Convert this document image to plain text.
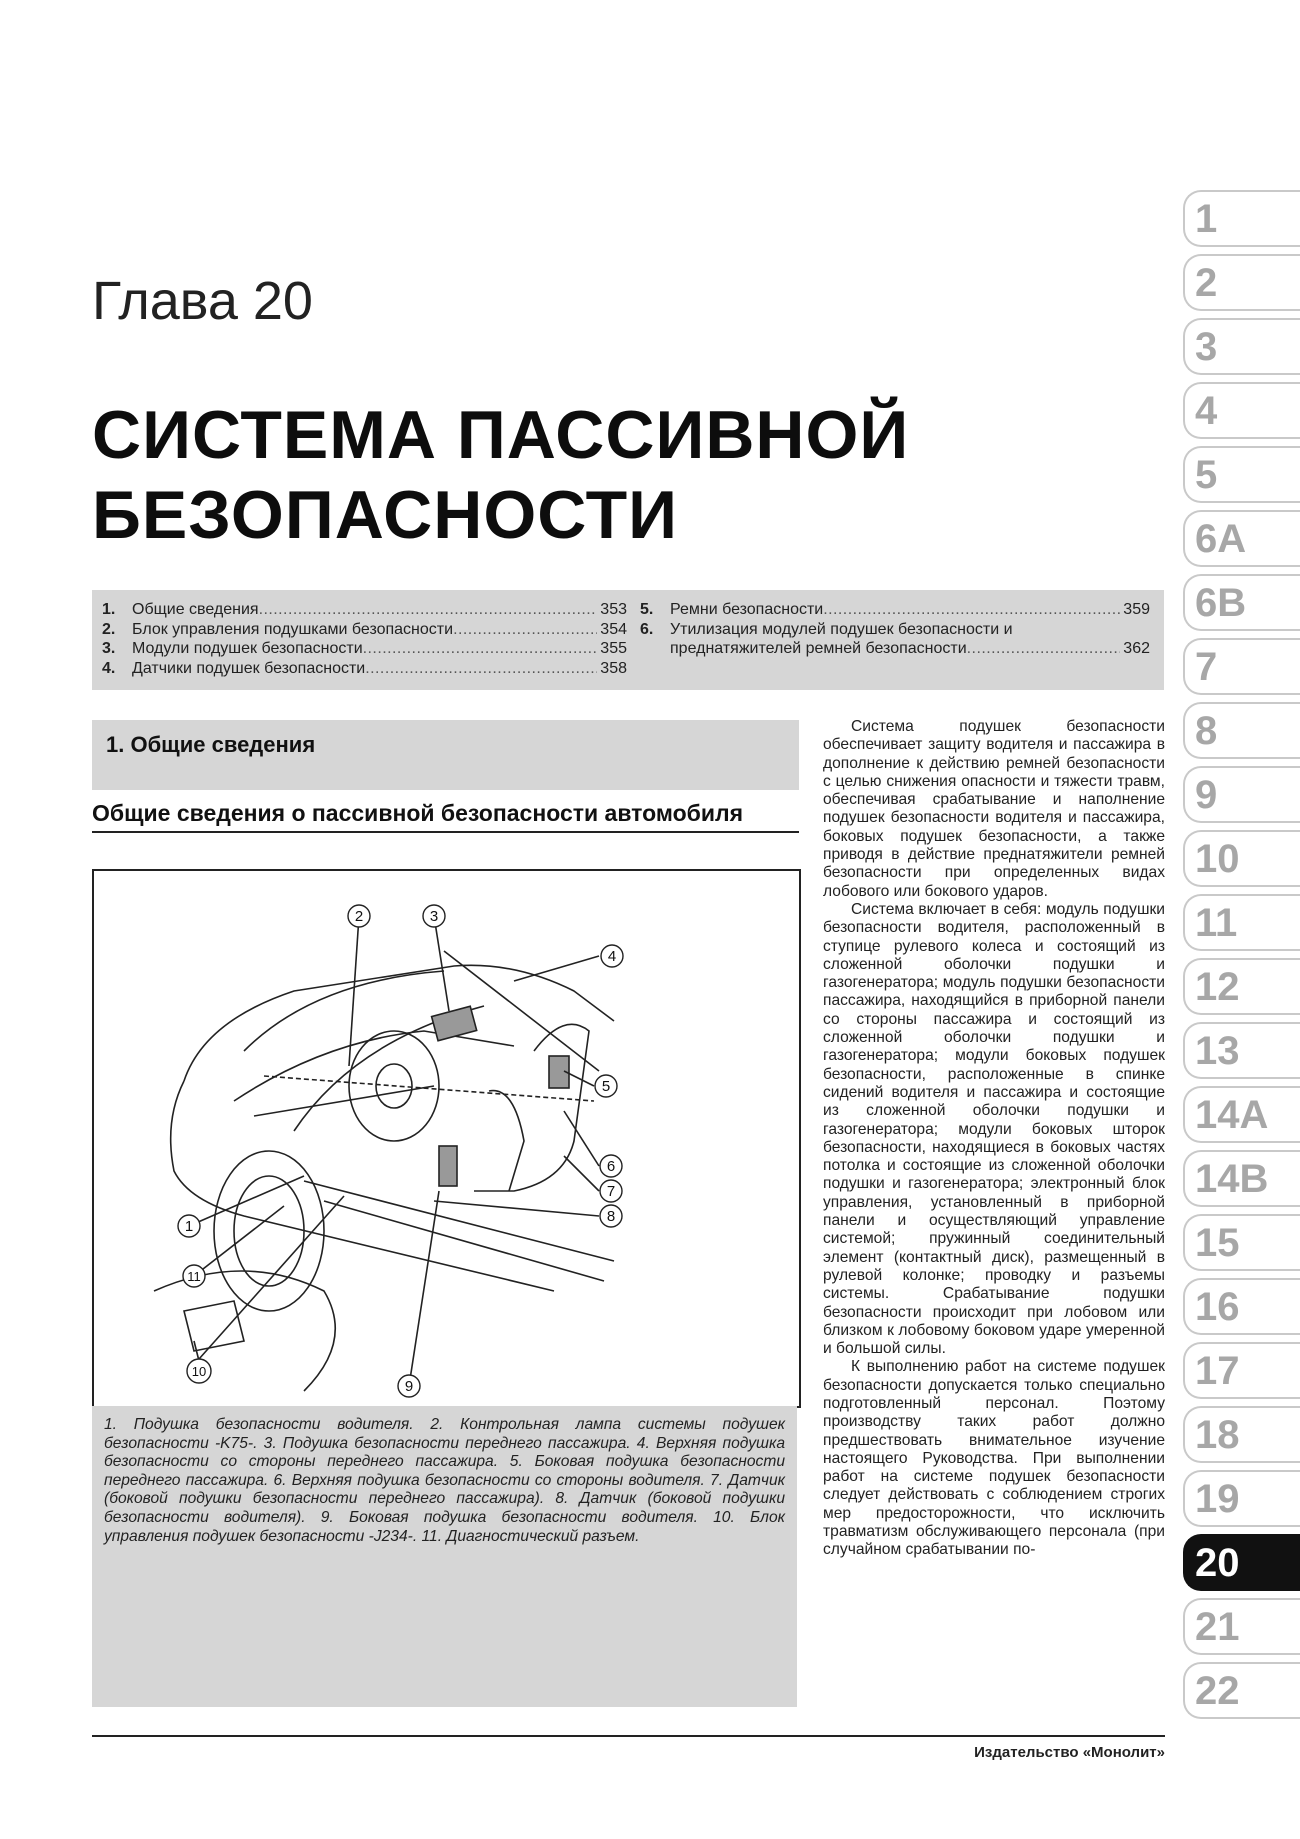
Глава 20
СИСТЕМА ПАССИВНОЙ
БЕЗОПАСНОСТИ
1
2
3
4
5
6A
6B
7
8
9
10
11
12
13
14A
14B
15
16
17
18
19
20
21
22
1.	Общие сведения . . .	353
2.	Блок управления подушками безопасности . . .	354
3.	Модули подушек безопасности . . .	355
4.	Датчики подушек безопасности . . .	358
5.	Ремни безопасности . . .	359
6.	Утилизация модулей подушек безопасности и
преднатяжителей ремней безопасности . . .	362
1. Общие сведения
Общие сведения о пассивной безопасности автомобиля
1
2	3
4
5
6
7
8
9
10
11
1. Подушка безопасности водителя. 2. Контрольная лампа системы подушек безопасности -K75-. 3. Подушка безопасности переднего пассажира. 4. Верхняя подушка безопасности со стороны переднего пассажира. 5. Боковая подушка безопасности переднего пассажира. 6. Верхняя подушка безопасности со стороны водителя. 7. Датчик (боковой подушки безопасности переднего пассажира). 8. Датчик (боковой подушки безопасности водителя). 9. Боковая подушка безопасности водителя. 10. Блок управления подушек безопасности -J234-. 11. Диагностический разъем.

Система подушек безопасности обеспечивает защиту водителя и пассажира в дополнение к действию ремней безопасности с целью снижения опасности и тяжести травм, обеспечивая срабатывание и наполнение подушек безопасности водителя и пассажира, боковых подушек безопасности, а также приводя в действие преднатяжители ремней безопасности при определенных видах лобового или бокового ударов.

Система включает в себя: модуль подушки безопасности водителя, расположенный в ступице рулевого колеса и состоящий из сложенной оболочки подушки и газогенератора; модуль подушки безопасности пассажира, находящийся в приборной панели со стороны пассажира и состоящий из сложенной оболочки подушки и газогенератора; модули боковых подушек безопасности, расположенные в спинке сидений водителя и пассажира и состоящие из сложенной оболочки подушки и газогенератора; модули боковых шторок безопасности, находящиеся в боковых частях потолка и состоящие из сложенной оболочки подушки и газогенератора; электронный блок управления, установленный в приборной панели и осуществляющий управление системой; пружинный соединительный элемент (контактный диск), размещенный в рулевой колонке; проводку и разъемы системы. Срабатывание подушки безопасности происходит при лобовом или близком к лобовому боковом ударе умеренной и большой силы.

К выполнению работ на системе подушек безопасности допускается только специально подготовленный персонал. Поэтому производству таких работ должно предшествовать внимательное изучение настоящего Руководства. При выполнении работ на системе подушек безопасности следует действовать с соблюдением строгих мер предосторожности, что исключить травматизм обслуживающего персонала (при случайном срабатывании по-

Издательство «Монолит»
